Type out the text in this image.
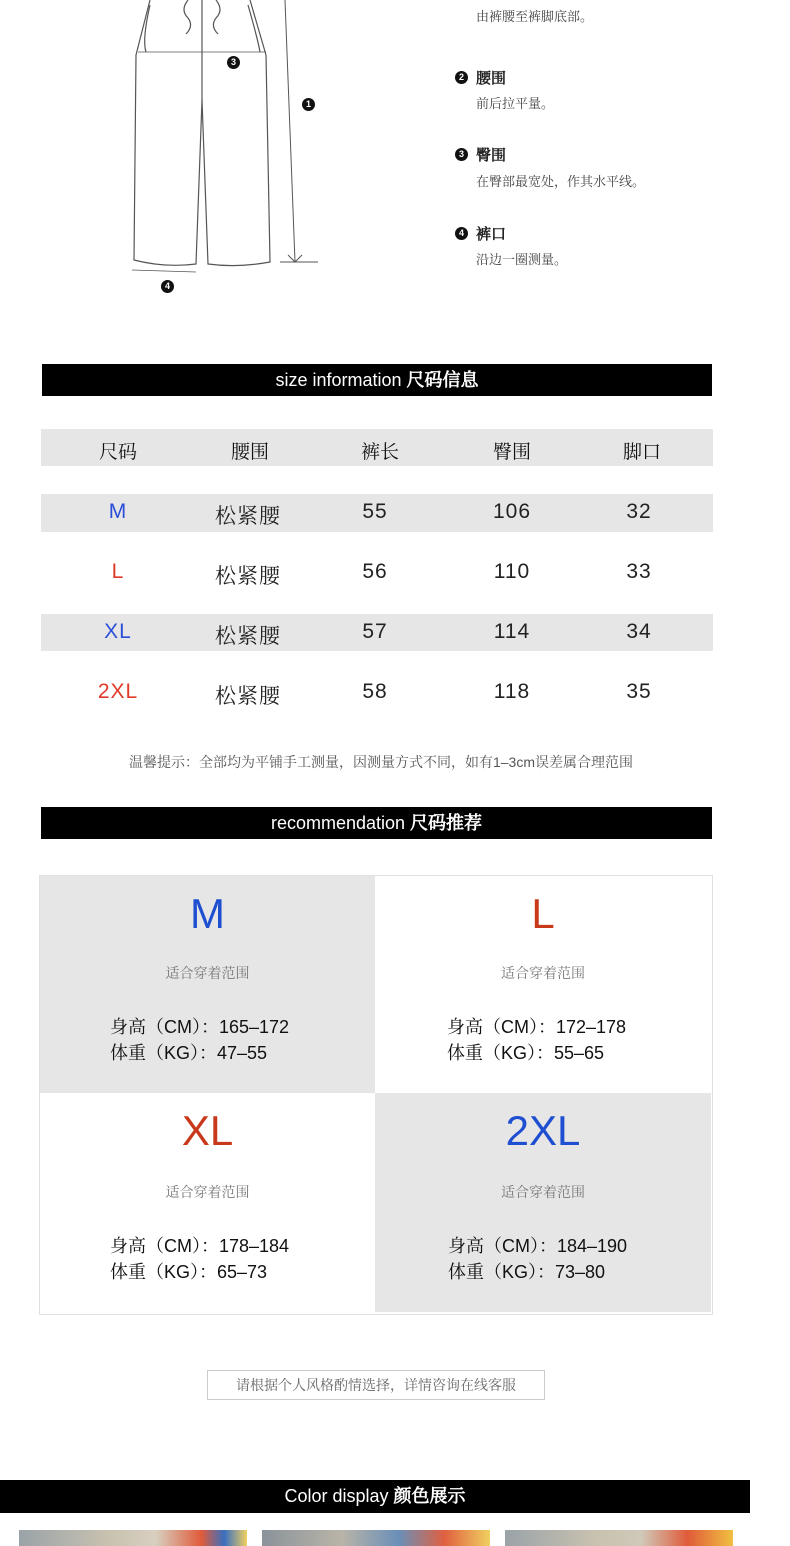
3
1
4
由裤腰至裤脚底部。
2 腰围
前后拉平量。
3 臀围
在臀部最宽处，作其水平线。
4 裤口
沿边一圈测量。
size information 尺码信息
尺码	腰围	裤长	臀围	脚口
M	松紧腰	55	106	32
L	松紧腰	56	110	33
XL	松紧腰	57	114	34
2XL	松紧腰	58	118	35
温馨提示：全部均为平铺手工测量，因测量方式不同，如有1–3cm误差属合理范围
recommendation 尺码推荐
M
适合穿着范围
身高（CM）：165–172
体重（KG）：47–55
L
适合穿着范围
身高（CM）：172–178
体重（KG）：55–65
XL
适合穿着范围
身高（CM）：178–184
体重（KG）：65–73
2XL
适合穿着范围
身高（CM）：184–190
体重（KG）：73–80
请根据个人风格酌情选择，详情咨询在线客服
Color display 颜色展示
